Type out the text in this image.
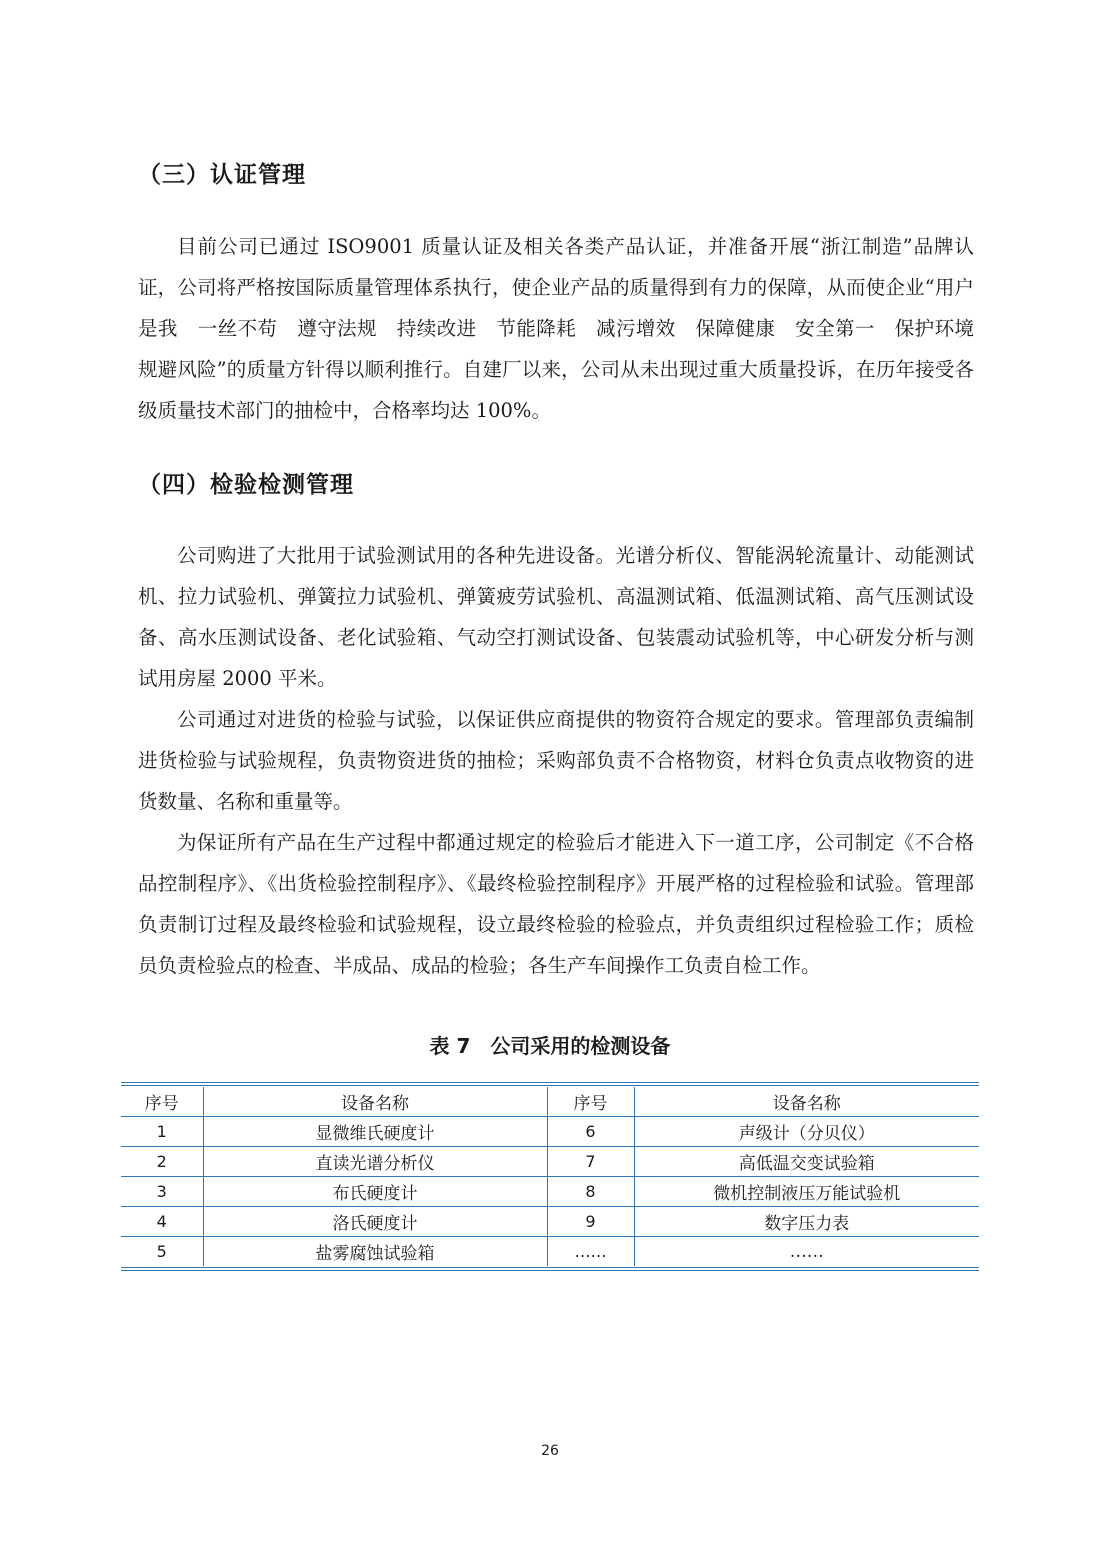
（三）认证管理

目前公司已通过 ISO9001 质量认证及相关各类产品认证，并准备开展“浙江制造”品牌认证，公司将严格按国际质量管理体系执行，使企业产品的质量得到有力的保障，从而使企业“用户是我　一丝不苟　遵守法规　持续改进　节能降耗　减污增效　保障健康　安全第一　保护环境　规避风险”的质量方针得以顺利推行。自建厂以来，公司从未出现过重大质量投诉，在历年接受各级质量技术部门的抽检中，合格率均达 100%。

（四）检验检测管理

公司购进了大批用于试验测试用的各种先进设备。光谱分析仪、智能涡轮流量计、动能测试机、拉力试验机、弹簧拉力试验机、弹簧疲劳试验机、高温测试箱、低温测试箱、高气压测试设备、高水压测试设备、老化试验箱、气动空打测试设备、包装震动试验机等，中心研发分析与测试用房屋 2000 平米。

公司通过对进货的检验与试验，以保证供应商提供的物资符合规定的要求。管理部负责编制进货检验与试验规程，负责物资进货的抽检；采购部负责不合格物资，材料仓负责点收物资的进货数量、名称和重量等。

为保证所有产品在生产过程中都通过规定的检验后才能进入下一道工序，公司制定《不合格品控制程序》、《出货检验控制程序》、《最终检验控制程序》开展严格的过程检验和试验。管理部负责制订过程及最终检验和试验规程，设立最终检验的检验点，并负责组织过程检验工作；质检员负责检验点的检查、半成品、成品的检验；各生产车间操作工负责自检工作。

表 7　公司采用的检测设备
序号	设备名称	序号	设备名称
1	显微维氏硬度计	6	声级计（分贝仪）
2	直读光谱分析仪	7	高低温交变试验箱
3	布氏硬度计	8	微机控制液压万能试验机
4	洛氏硬度计	9	数字压力表
5	盐雾腐蚀试验箱	……	……
26
